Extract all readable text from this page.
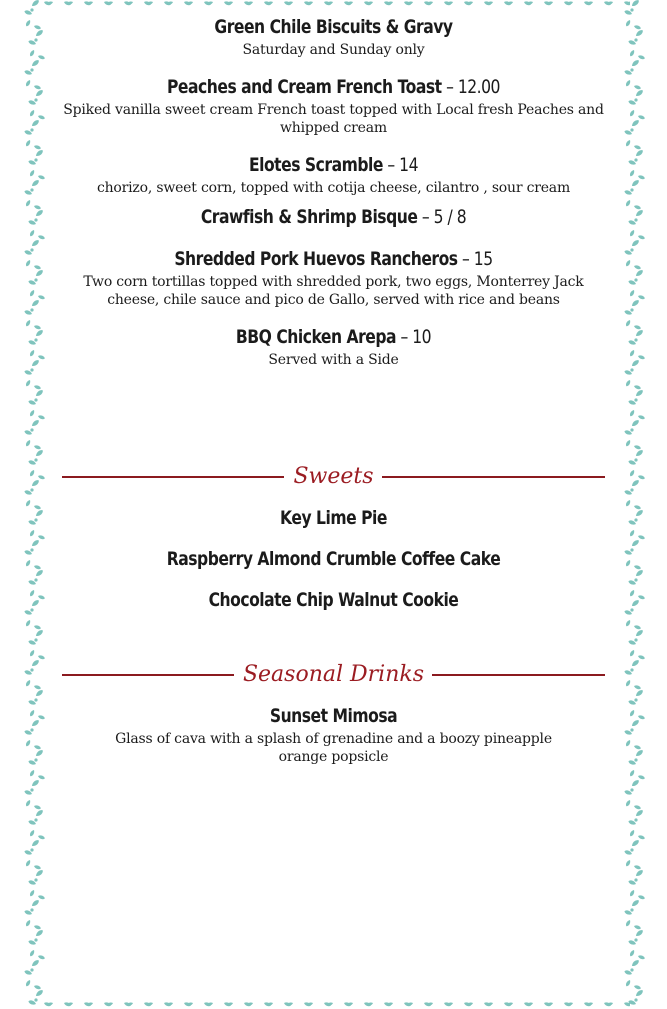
Green Chile Biscuits & Gravy
Saturday and Sunday only
Peaches and Cream French Toast – 12.00
Spiked vanilla sweet cream French toast topped with Local fresh Peaches and whipped cream
Elotes Scramble – 14
chorizo, sweet corn, topped with cotija cheese, cilantro , sour cream
Crawfish & Shrimp Bisque – 5 / 8
Shredded Pork Huevos Rancheros – 15
Two corn tortillas topped with shredded pork, two eggs, Monterrey Jack cheese, chile sauce and pico de Gallo, served with rice and beans
BBQ Chicken Arepa – 10
Served with a Side
Sweets
Key Lime Pie
Raspberry Almond Crumble Coffee Cake
Chocolate Chip Walnut Cookie
Seasonal Drinks
Sunset Mimosa
Glass of cava with a splash of grenadine and a boozy pineapple orange popsicle
